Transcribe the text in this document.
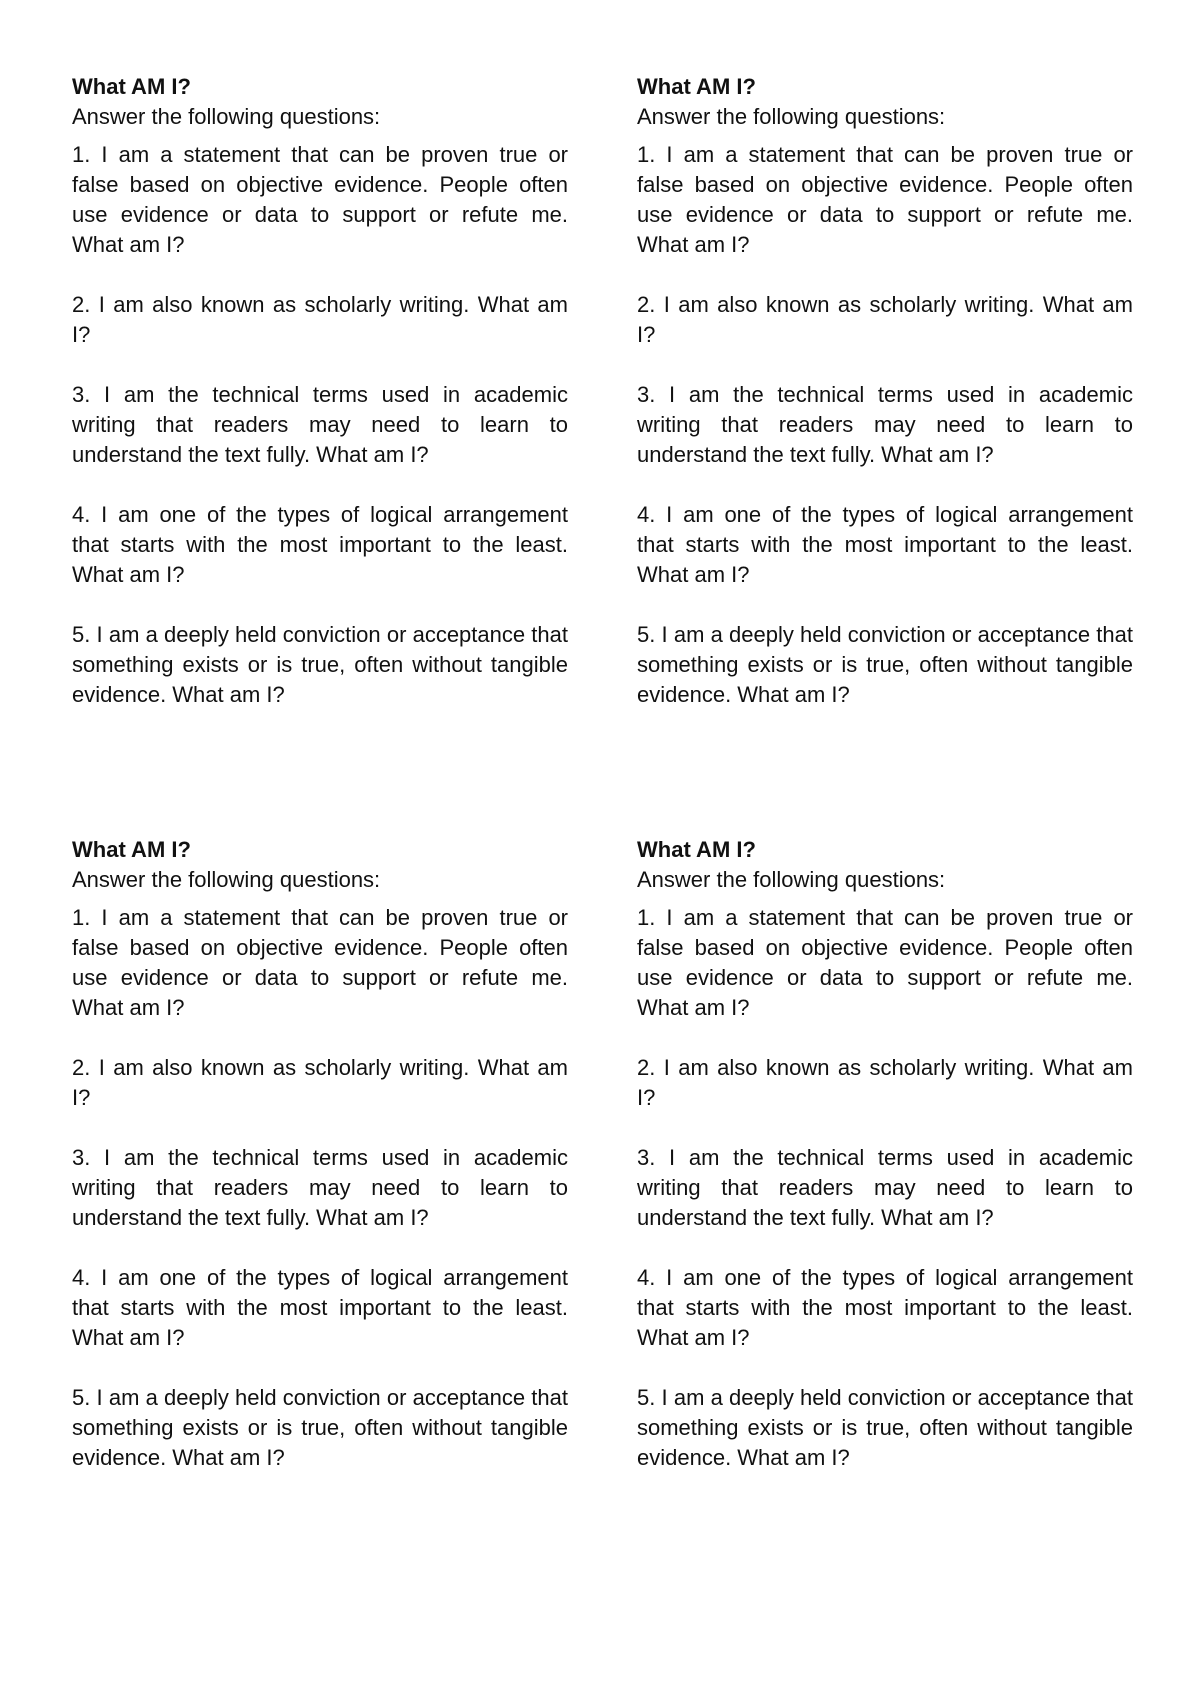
What AM I?

Answer the following questions:

1. I am a statement that can be proven true or false based on objective evidence. People often use evidence or data to support or refute me. What am I?

2. I am also known as scholarly writing. What am I?

3. I am the technical terms used in academic writing that readers may need to learn to understand the text fully. What am I?

4. I am one of the types of logical arrangement that starts with the most important to the least. What am I?

5. I am a deeply held conviction or acceptance that something exists or is true, often without tangible evidence. What am I?

What AM I?

Answer the following questions:

1. I am a statement that can be proven true or false based on objective evidence. People often use evidence or data to support or refute me. What am I?

2. I am also known as scholarly writing. What am I?

3. I am the technical terms used in academic writing that readers may need to learn to understand the text fully. What am I?

4. I am one of the types of logical arrangement that starts with the most important to the least. What am I?

5. I am a deeply held conviction or acceptance that something exists or is true, often without tangible evidence. What am I?

What AM I?

Answer the following questions:

1. I am a statement that can be proven true or false based on objective evidence. People often use evidence or data to support or refute me. What am I?

2. I am also known as scholarly writing. What am I?

3. I am the technical terms used in academic writing that readers may need to learn to understand the text fully. What am I?

4. I am one of the types of logical arrangement that starts with the most important to the least. What am I?

5. I am a deeply held conviction or acceptance that something exists or is true, often without tangible evidence. What am I?

What AM I?

Answer the following questions:

1. I am a statement that can be proven true or false based on objective evidence. People often use evidence or data to support or refute me. What am I?

2. I am also known as scholarly writing. What am I?

3. I am the technical terms used in academic writing that readers may need to learn to understand the text fully. What am I?

4. I am one of the types of logical arrangement that starts with the most important to the least. What am I?

5. I am a deeply held conviction or acceptance that something exists or is true, often without tangible evidence. What am I?
